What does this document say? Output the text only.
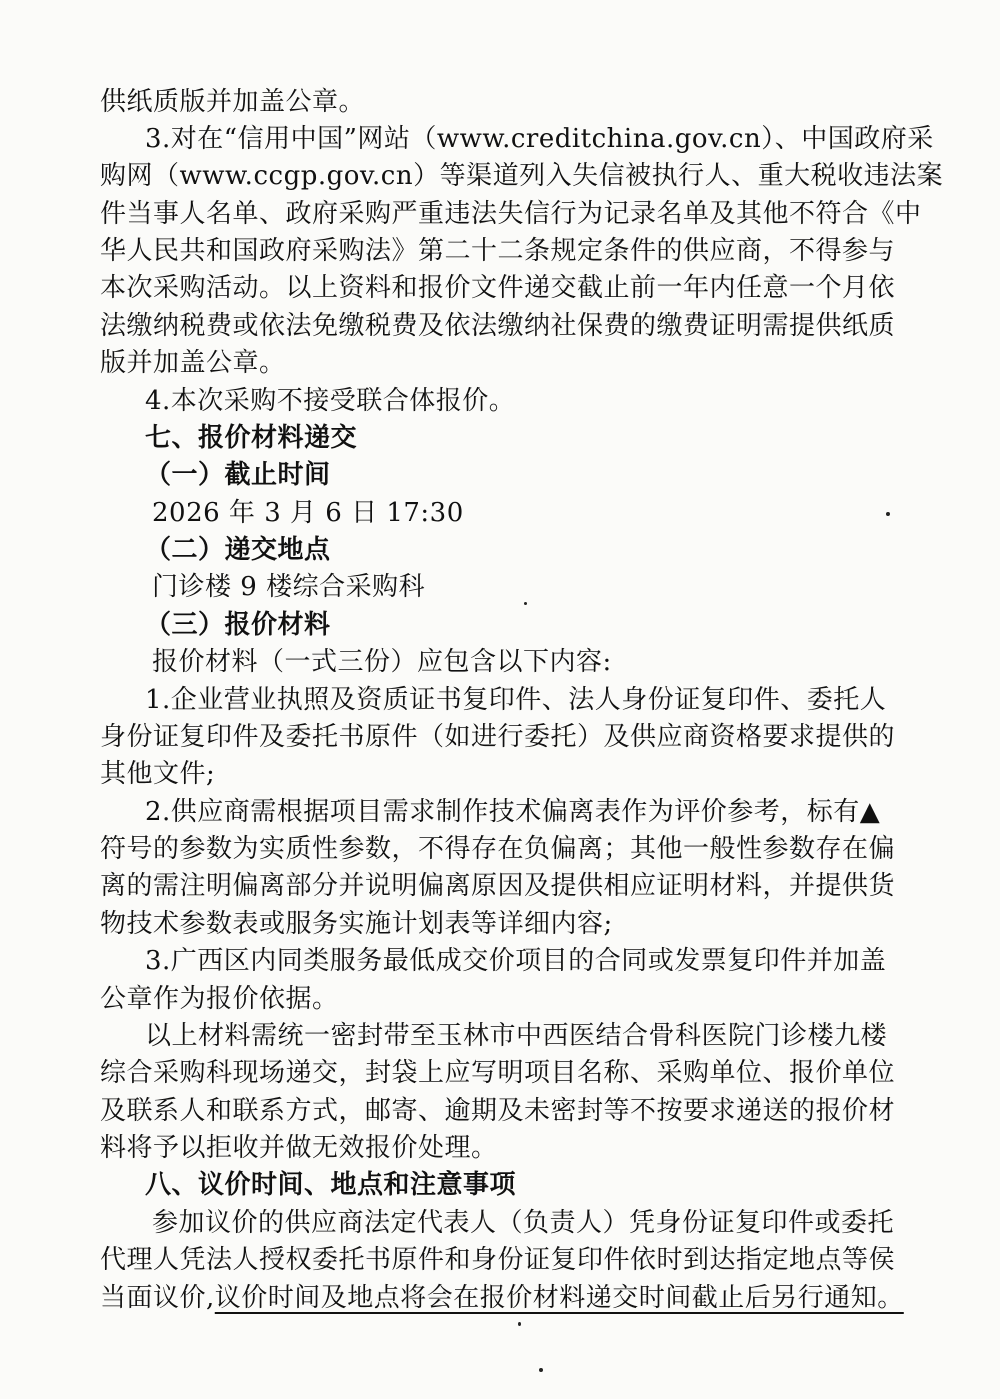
供纸质版并加盖公章。
3.对在“信用中国”网站（www.creditchina.gov.cn）、中国政府采
购网（www.ccgp.gov.cn）等渠道列入失信被执行人、重大税收违法案
件当事人名单、政府采购严重违法失信行为记录名单及其他不符合《中
华人民共和国政府采购法》第二十二条规定条件的供应商，不得参与
本次采购活动。以上资料和报价文件递交截止前一年内任意一个月依
法缴纳税费或依法免缴税费及依法缴纳社保费的缴费证明需提供纸质
版并加盖公章。
4.本次采购不接受联合体报价。
七、报价材料递交
（一）截止时间
2026 年 3 月 6 日 17:30
（二）递交地点
门诊楼 9 楼综合采购科
（三）报价材料
报价材料（一式三份）应包含以下内容:
1.企业营业执照及资质证书复印件、法人身份证复印件、委托人
身份证复印件及委托书原件（如进行委托）及供应商资格要求提供的
其他文件;
2.供应商需根据项目需求制作技术偏离表作为评价参考，标有▲
符号的参数为实质性参数，不得存在负偏离；其他一般性参数存在偏
离的需注明偏离部分并说明偏离原因及提供相应证明材料，并提供货
物技术参数表或服务实施计划表等详细内容;
3.广西区内同类服务最低成交价项目的合同或发票复印件并加盖
公章作为报价依据。
以上材料需统一密封带至玉林市中西医结合骨科医院门诊楼九楼
综合采购科现场递交，封袋上应写明项目名称、采购单位、报价单位
及联系人和联系方式，邮寄、逾期及未密封等不按要求递送的报价材
料将予以拒收并做无效报价处理。
八、议价时间、地点和注意事项
参加议价的供应商法定代表人（负责人）凭身份证复印件或委托
代理人凭法人授权委托书原件和身份证复印件依时到达指定地点等侯
当面议价,议价时间及地点将会在报价材料递交时间截止后另行通知。
